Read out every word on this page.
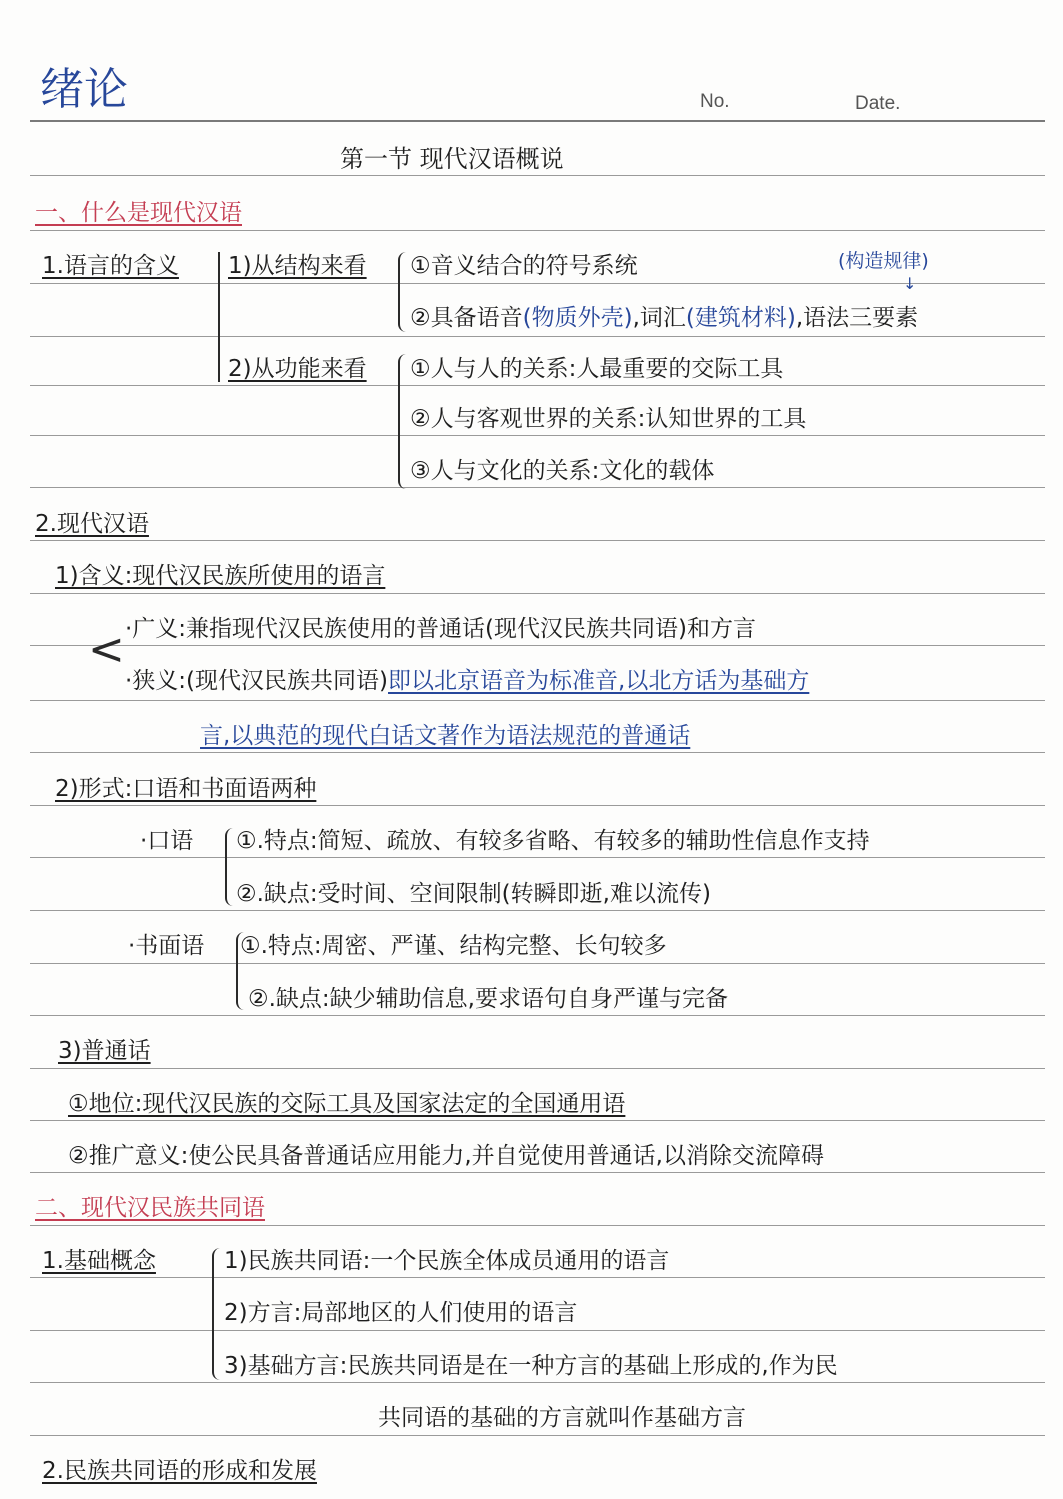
绪论	No.	Date.
第一节 现代汉语概说
一、什么是现代汉语
1.语言的含义 1)从结构来看 ①音义结合的符号系统	(构造规律)
↓
②具备语音(物质外壳),词汇(建筑材料),语法三要素
2)从功能来看 ①人与人的关系:人最重要的交际工具
②人与客观世界的关系:认知世界的工具
③人与文化的关系:文化的载体
2.现代汉语
1)含义:现代汉民族所使用的语言
< ·广义:兼指现代汉民族使用的普通话(现代汉民族共同语)和方言
·狭义:(现代汉民族共同语)即以北京语音为标准音,以北方话为基础方
言,以典范的现代白话文著作为语法规范的普通话
2)形式:口语和书面语两种
·口语 ①.特点:简短、疏放、有较多省略、有较多的辅助性信息作支持
②.缺点:受时间、空间限制(转瞬即逝,难以流传)
·书面语 ①.特点:周密、严谨、结构完整、长句较多
②.缺点:缺少辅助信息,要求语句自身严谨与完备
3)普通话
①地位:现代汉民族的交际工具及国家法定的全国通用语
②推广意义:使公民具备普通话应用能力,并自觉使用普通话,以消除交流障碍
二、现代汉民族共同语
1.基础概念	1)民族共同语:一个民族全体成员通用的语言
2)方言:局部地区的人们使用的语言
3)基础方言:民族共同语是在一种方言的基础上形成的,作为民
共同语的基础的方言就叫作基础方言
2.民族共同语的形成和发展
